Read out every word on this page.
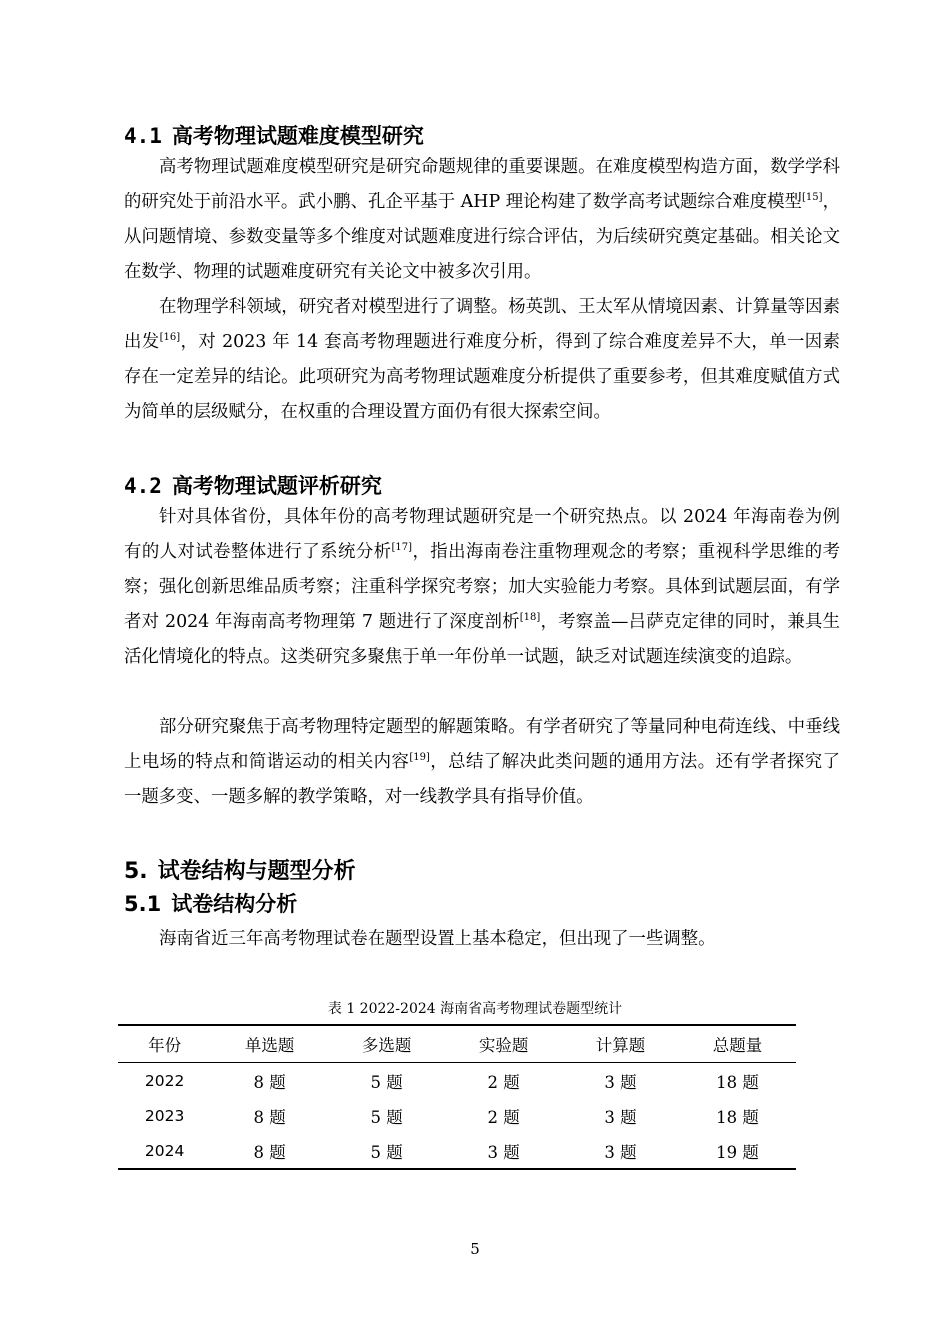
4.1 高考物理试题难度模型研究

高考物理试题难度模型研究是研究命题规律的重要课题。在难度模型构造方面，数学学科的研究处于前沿水平。武小鹏、孔企平基于 AHP 理论构建了数学高考试题综合难度模型[15]，从问题情境、参数变量等多个维度对试题难度进行综合评估，为后续研究奠定基础。相关论文在数学、物理的试题难度研究有关论文中被多次引用。

在物理学科领域，研究者对模型进行了调整。杨英凯、王太军从情境因素、计算量等因素出发[16]，对 2023 年 14 套高考物理题进行难度分析，得到了综合难度差异不大，单一因素存在一定差异的结论。此项研究为高考物理试题难度分析提供了重要参考，但其难度赋值方式为简单的层级赋分，在权重的合理设置方面仍有很大探索空间。

4.2 高考物理试题评析研究

针对具体省份，具体年份的高考物理试题研究是一个研究热点。以 2024 年海南卷为例有的人对试卷整体进行了系统分析[17]，指出海南卷注重物理观念的考察；重视科学思维的考察；强化创新思维品质考察；注重科学探究考察；加大实验能力考察。具体到试题层面，有学者对 2024 年海南高考物理第 7 题进行了深度剖析[18]，考察盖—吕萨克定律的同时，兼具生活化情境化的特点。这类研究多聚焦于单一年份单一试题，缺乏对试题连续演变的追踪。

部分研究聚焦于高考物理特定题型的解题策略。有学者研究了等量同种电荷连线、中垂线上电场的特点和简谐运动的相关内容[19]，总结了解决此类问题的通用方法。还有学者探究了一题多变、一题多解的教学策略，对一线教学具有指导价值。

5. 试卷结构与题型分析
5.1 试卷结构分析

海南省近三年高考物理试卷在题型设置上基本稳定，但出现了一些调整。

表 1 2022-2024 海南省高考物理试卷题型统计
年份	单选题	多选题	实验题	计算题	总题量
2022	8 题	5 题	2 题	3 题	18 题
2023	8 题	5 题	2 题	3 题	18 题
2024	8 题	5 题	3 题	3 题	19 题
5
